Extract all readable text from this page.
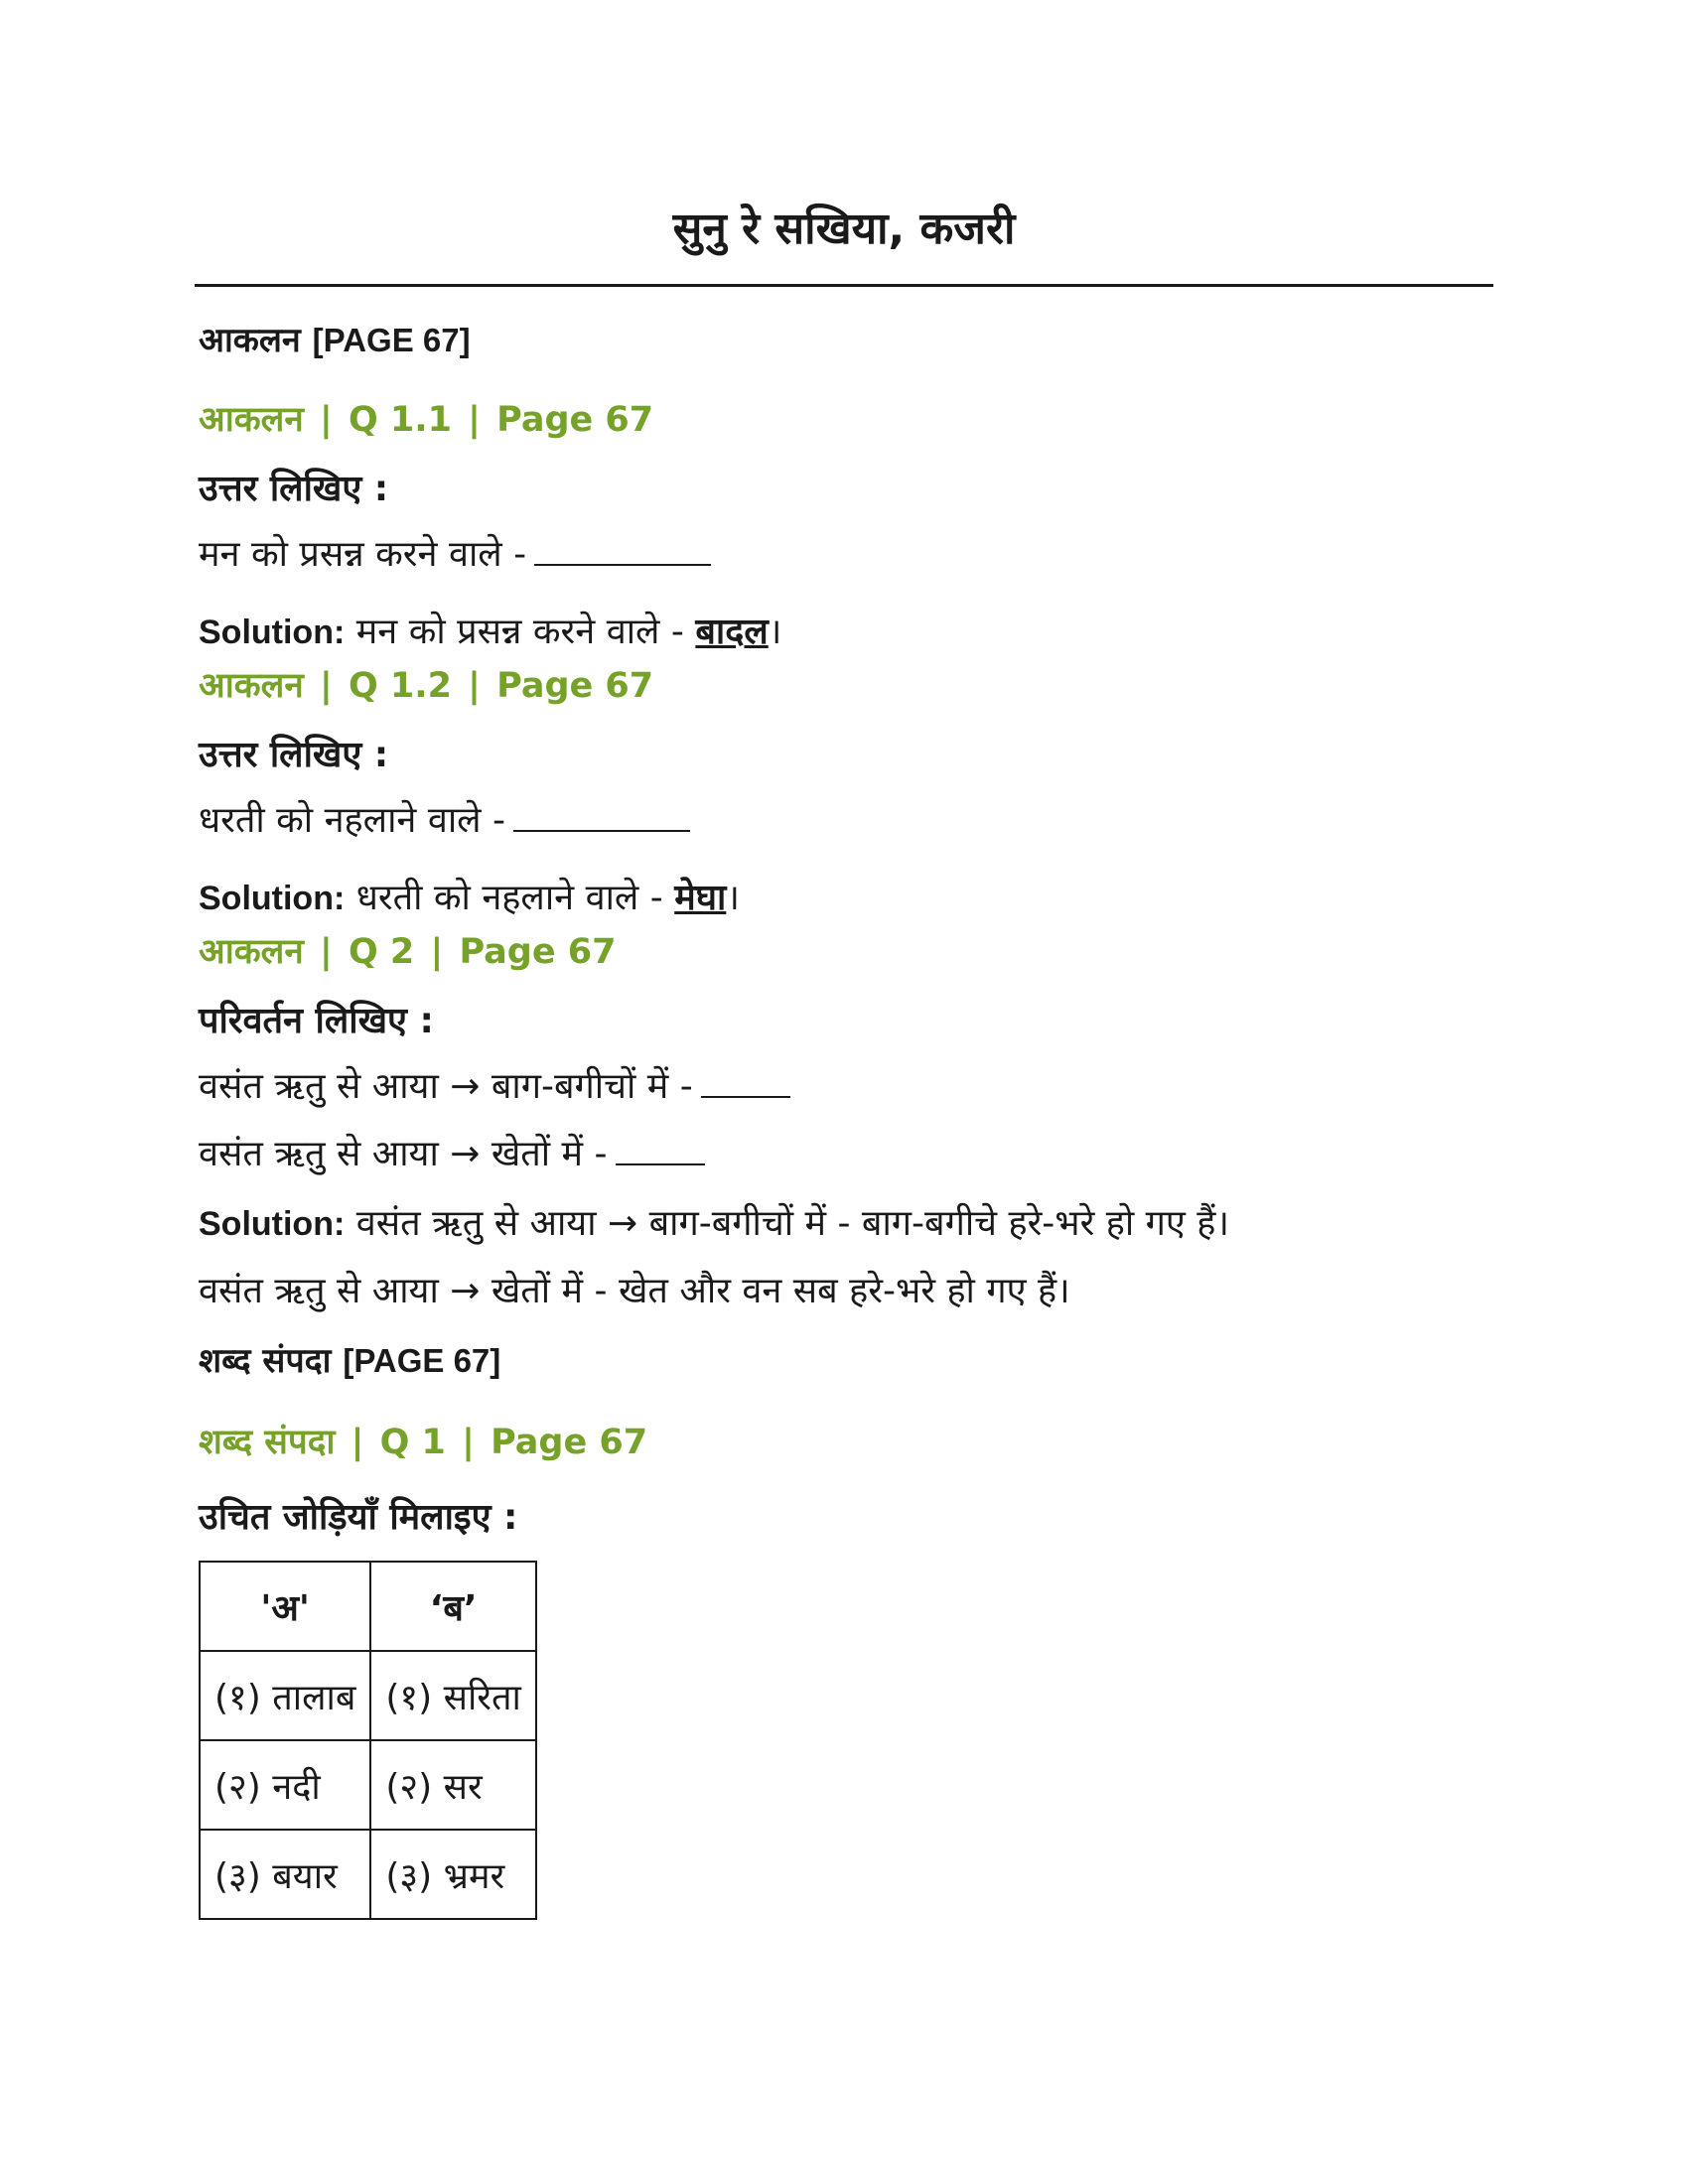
सुनु रे सखिया, कजरी
आकलन [PAGE 67]
आकलन | Q 1.1 | Page 67
उत्तर लिखिए :
मन को प्रसन्न करने वाले -
Solution: मन को प्रसन्न करने वाले - बादल।
आकलन | Q 1.2 | Page 67
उत्तर लिखिए :
धरती को नहलाने वाले -
Solution: धरती को नहलाने वाले - मेघा।
आकलन | Q 2 | Page 67
परिवर्तन लिखिए :
वसंत ऋतु से आया → बाग-बगीचों में -
वसंत ऋतु से आया → खेतों में -
Solution: वसंत ऋतु से आया → बाग-बगीचों में - बाग-बगीचे हरे-भरे हो गए हैं।
वसंत ऋतु से आया → खेतों में - खेत और वन सब हरे-भरे हो गए हैं।
शब्द संपदा [PAGE 67]
शब्द संपदा | Q 1 | Page 67
उचित जोड़ियाँ मिलाइए :
'अ'	‘ब’
(१) तालाब	(१) सरिता
(२) नदी	(२) सर
(३) बयार	(३) भ्रमर
